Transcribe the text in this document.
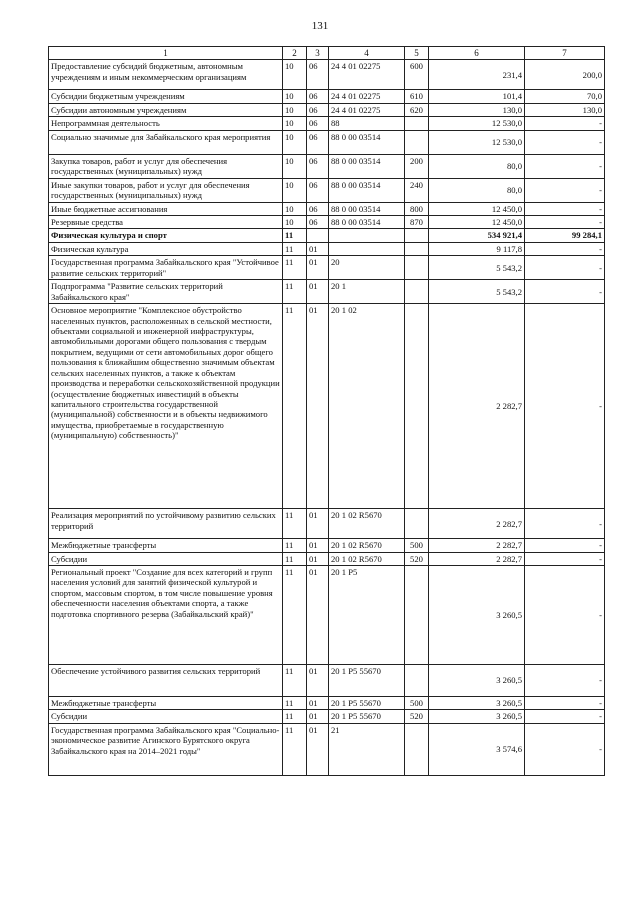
131
1	2	3	4	5	6	7
Предоставление субсидий бюджетным, автономным учреждениям и иным некоммерческим организациям	10	06	24 4 01 02275	600	231,4	200,0
Субсидии бюджетным учреждениям	10	06	24 4 01 02275	610	101,4	70,0
Субсидии автономным учреждениям	10	06	24 4 01 02275	620	130,0	130,0
Непрограммная деятельность	10	06	88		12 530,0	-
Социально значимые для Забайкальского края мероприятия	10	06	88 0 00 03514		12 530,0	-
Закупка товаров, работ и услуг для обеспечения государственных (муниципальных) нужд	10	06	88 0 00 03514	200	80,0	-
Иные закупки товаров, работ и услуг для обеспечения государственных (муниципальных) нужд	10	06	88 0 00 03514	240	80,0	-
Иные бюджетные ассигнования	10	06	88 0 00 03514	800	12 450,0	-
Резервные средства	10	06	88 0 00 03514	870	12 450,0	-
Физическая культура и спорт	11				534 921,4	99 284,1
Физическая культура	11	01			9 117,8	-
Государственная программа Забайкальского края "Устойчивое развитие сельских территорий"	11	01	20		5 543,2	-
Подпрограмма "Развитие сельских территорий Забайкальского края"	11	01	20 1		5 543,2	-
Основное мероприятие "Комплексное обустройство населенных пунктов, расположенных в сельской местности, объектами социальной и инженерной инфраструктуры, автомобильными дорогами общего пользования с твердым покрытием, ведущими от сети автомобильных дорог общего пользования к ближайшим общественно значимым объектам сельских населенных пунктов, а также к объектам производства и переработки сельскохозяйственной продукции (осуществление бюджетных инвестиций в объекты капитального строительства государственной (муниципальной) собственности и в объекты недвижимого имущества, приобретаемые в государственную (муниципальную) собственность)"	11	01	20 1 02		2 282,7	-
Реализация мероприятий по устойчивому развитию сельских территорий	11	01	20 1 02 R5670		2 282,7	-
Межбюджетные трансферты	11	01	20 1 02 R5670	500	2 282,7	-
Субсидии	11	01	20 1 02 R5670	520	2 282,7	-
Региональный проект "Создание для всех категорий и групп населения условий для занятий физической культурой и спортом, массовым спортом, в том числе повышение уровня обеспеченности населения объектами спорта, а также подготовка спортивного резерва (Забайкальский край)"	11	01	20 1 Р5		3 260,5	-
Обеспечение устойчивого развития сельских территорий	11	01	20 1 Р5 55670		3 260,5	-
Межбюджетные трансферты	11	01	20 1 Р5 55670	500	3 260,5	-
Субсидии	11	01	20 1 Р5 55670	520	3 260,5	-
Государственная программа Забайкальского края "Социально-экономическое развитие Агинского Бурятского округа Забайкальского края на 2014–2021 годы"	11	01	21		3 574,6	-
